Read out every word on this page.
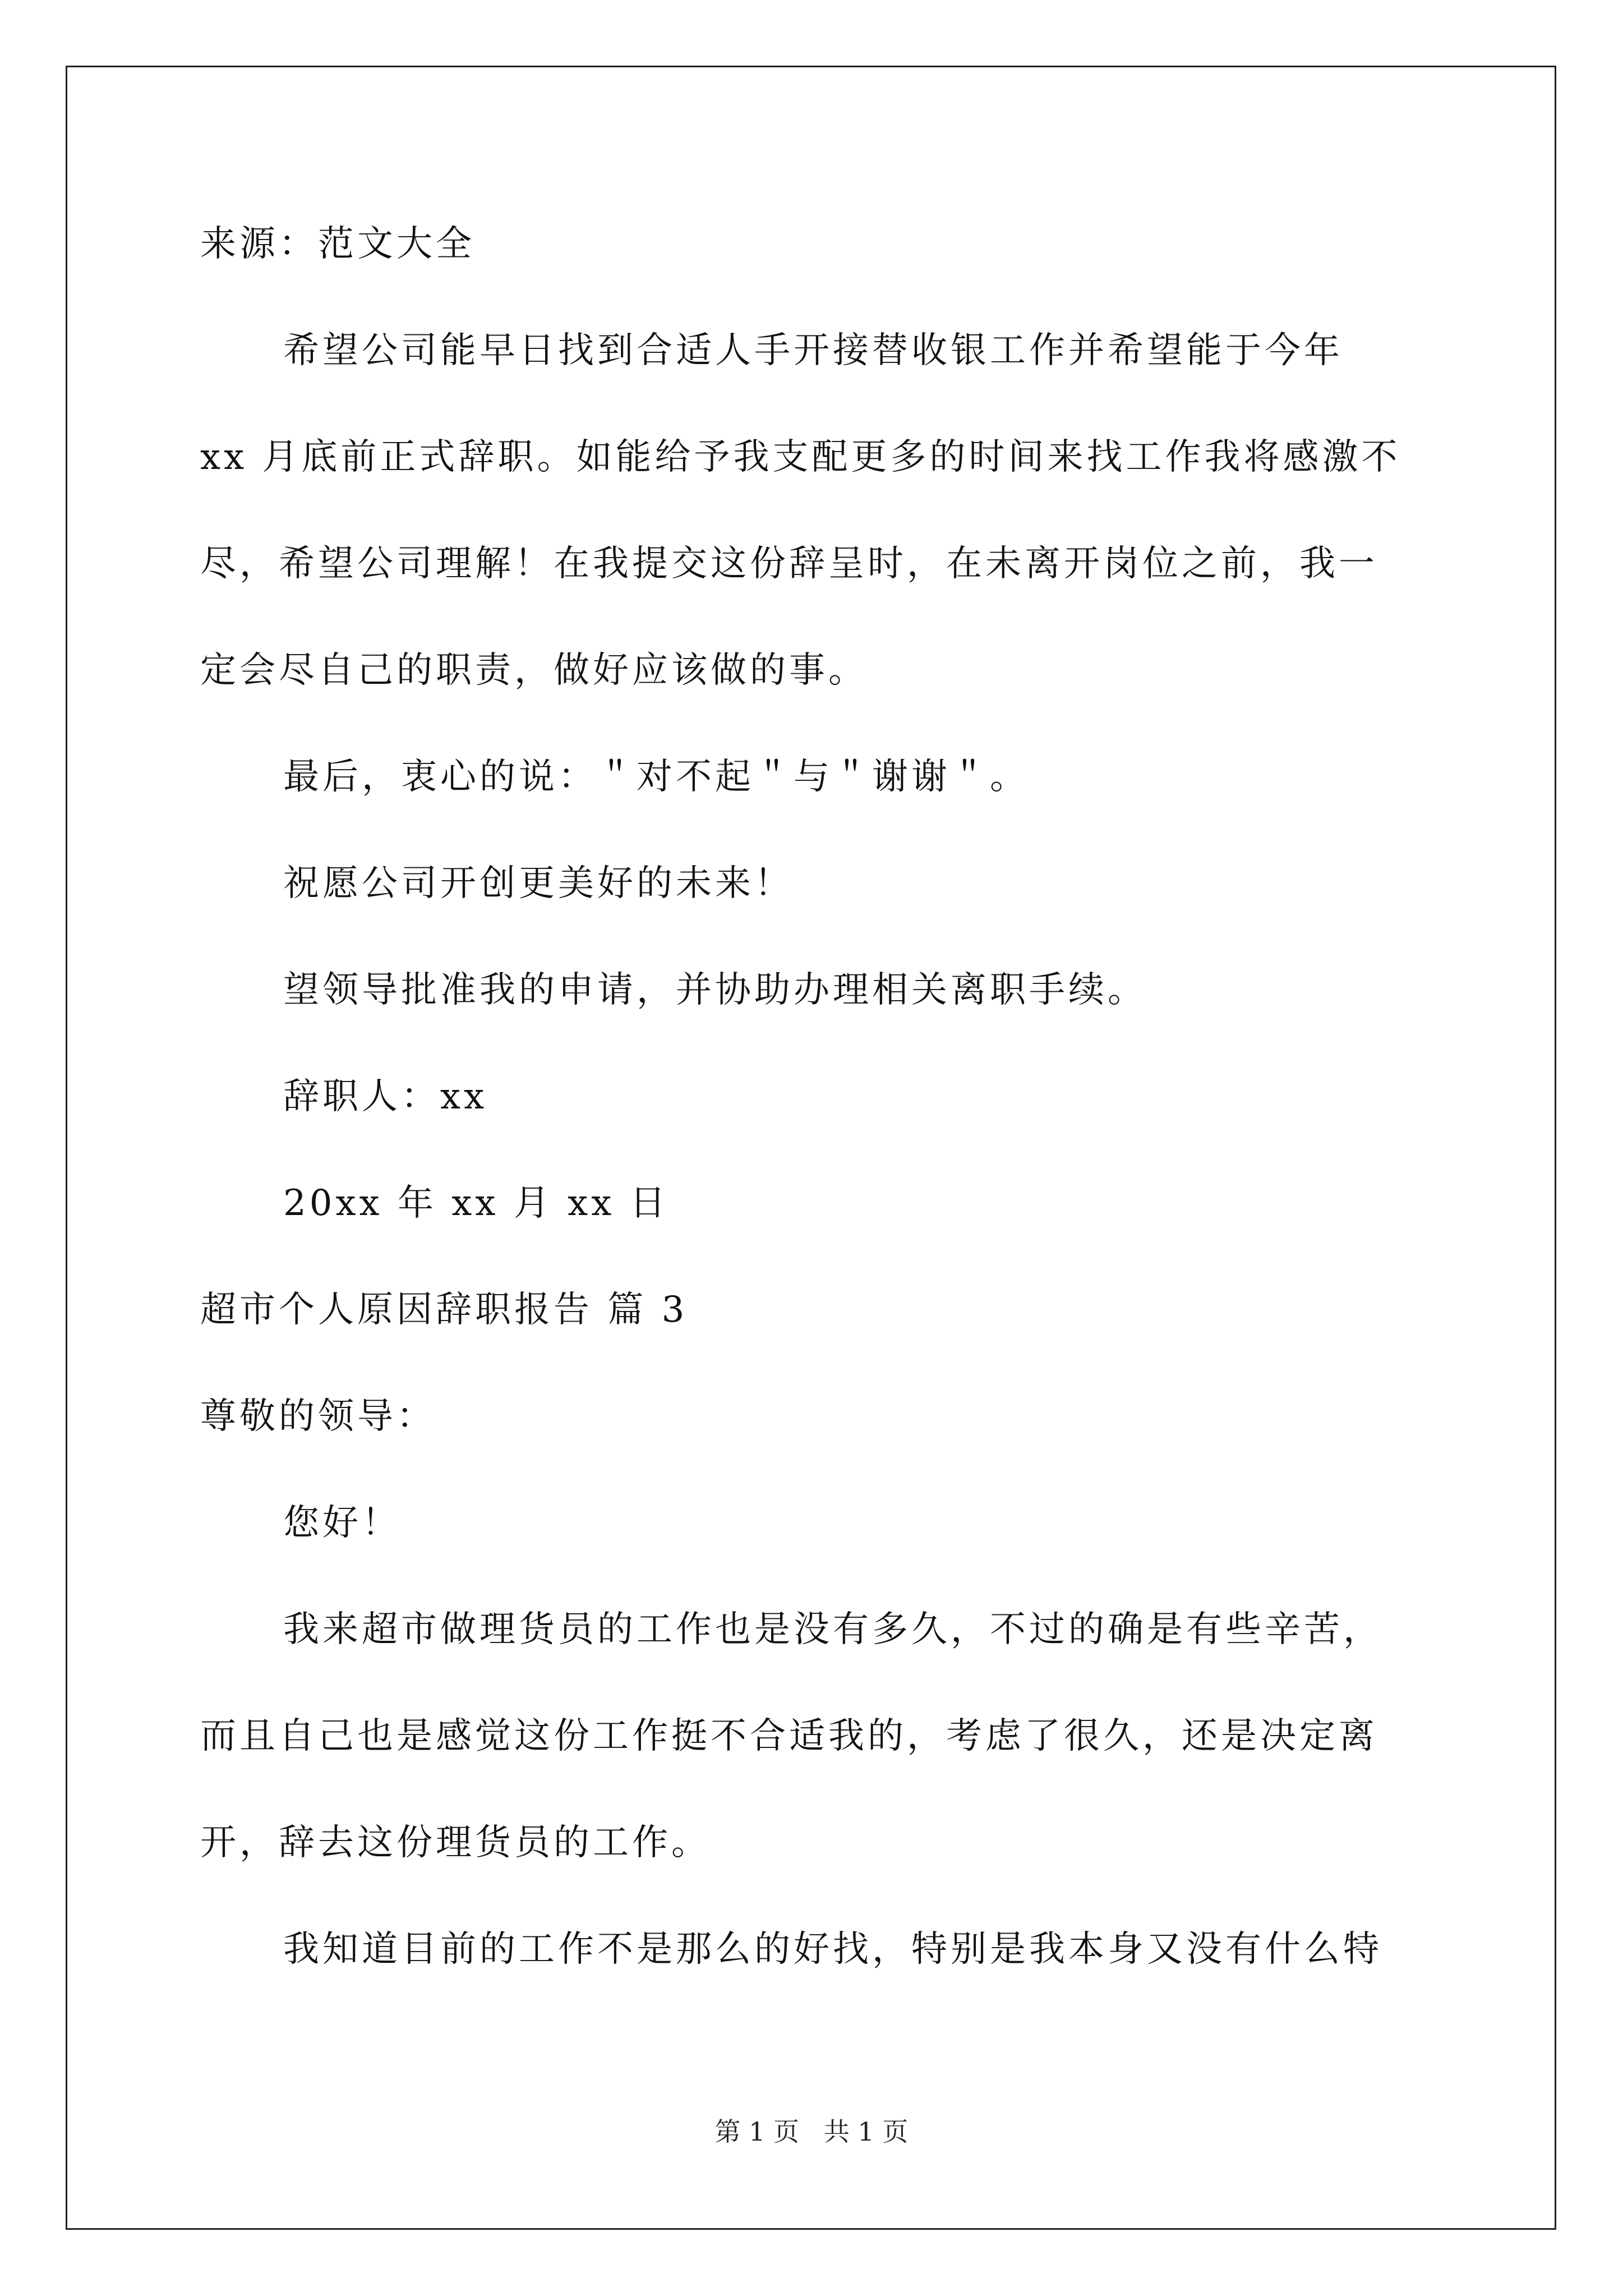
来源：范文大全
希望公司能早日找到合适人手开接替收银工作并希望能于今年
xx 月底前正式辞职。如能给予我支配更多的时间来找工作我将感激不
尽，希望公司理解！在我提交这份辞呈时，在未离开岗位之前，我一
定会尽自己的职责，做好应该做的事。
最后，衷心的说：＂对不起＂与＂谢谢＂。
祝愿公司开创更美好的未来！
望领导批准我的申请，并协助办理相关离职手续。
辞职人：xx
20xx 年 xx 月 xx 日
超市个人原因辞职报告 篇 3
尊敬的领导：
您好！
我来超市做理货员的工作也是没有多久，不过的确是有些辛苦，
而且自己也是感觉这份工作挺不合适我的，考虑了很久，还是决定离
开，辞去这份理货员的工作。
我知道目前的工作不是那么的好找，特别是我本身又没有什么特
第 1 页   共 1 页
